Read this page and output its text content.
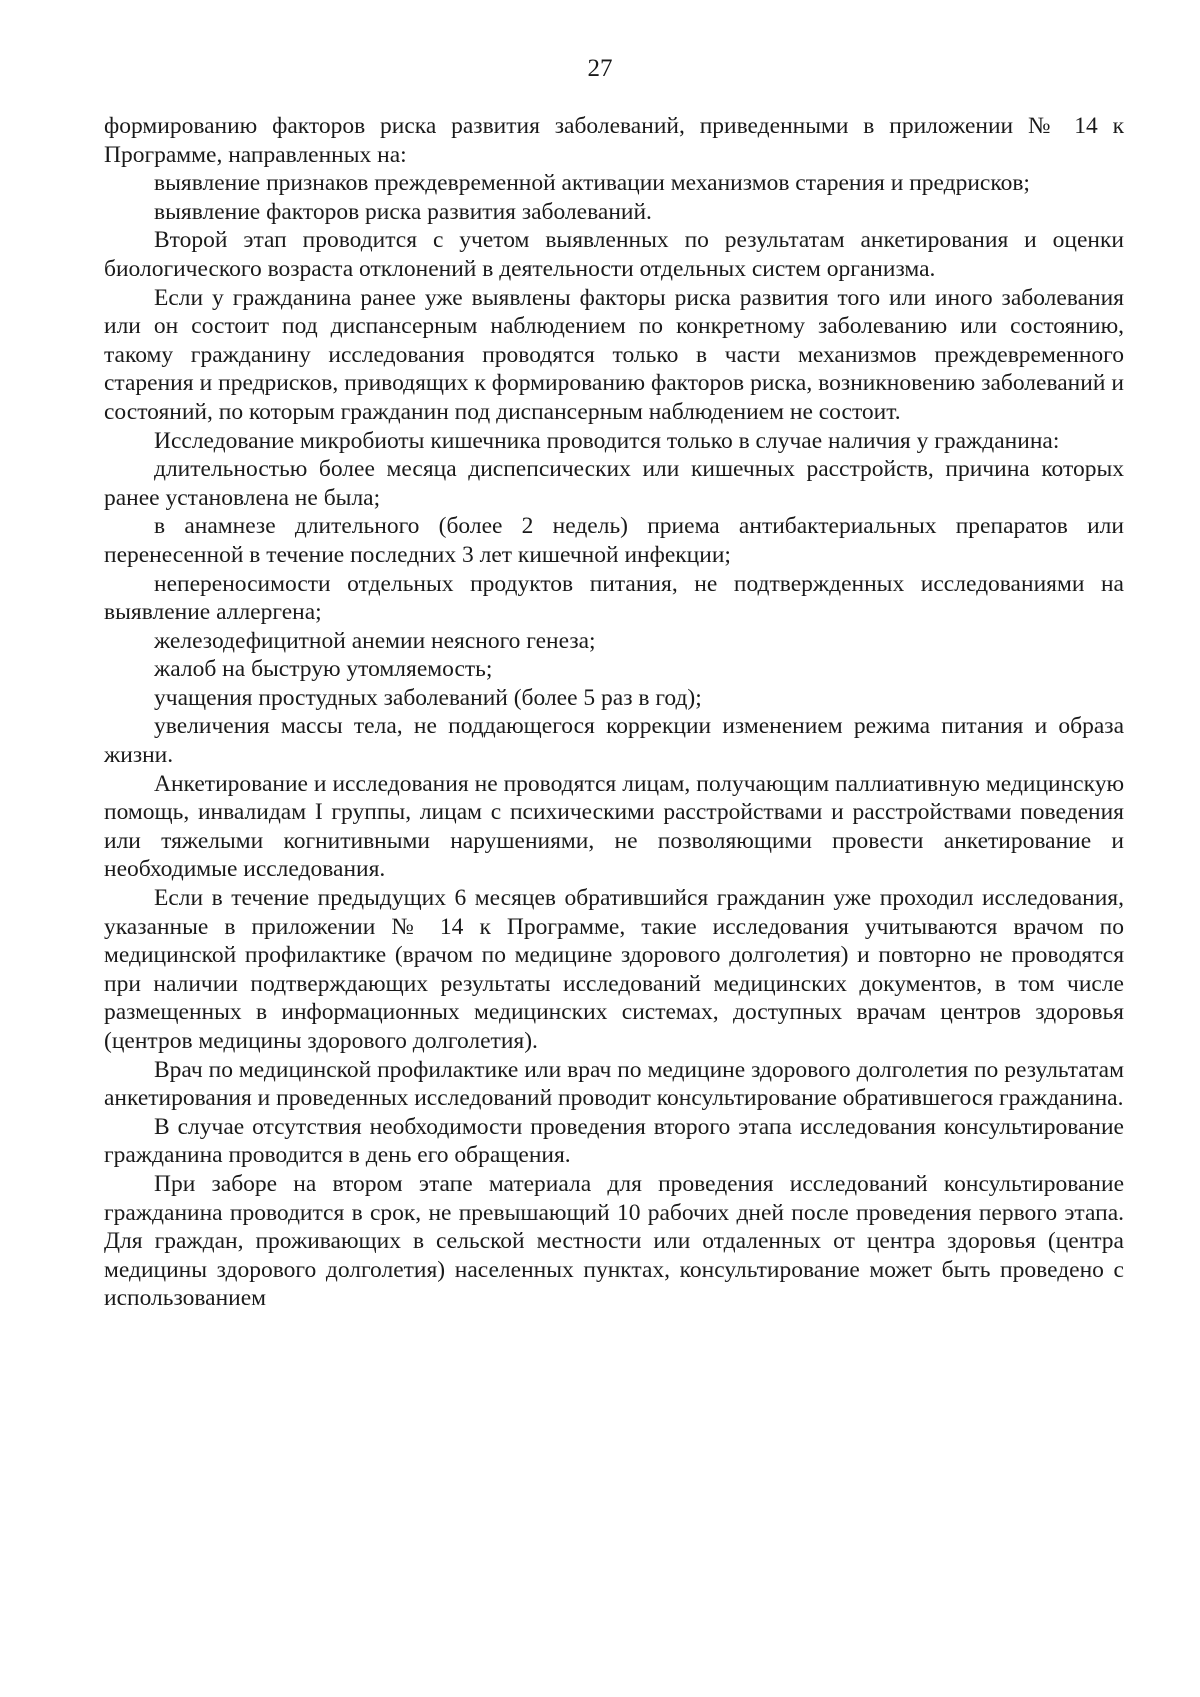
27

формированию факторов риска развития заболеваний, приведенными в приложении № 14 к Программе, направленных на:

выявление признаков преждевременной активации механизмов старения и предрисков;

выявление факторов риска развития заболеваний.

Второй этап проводится с учетом выявленных по результатам анкетирования и оценки биологического возраста отклонений в деятельности отдельных систем организма.

Если у гражданина ранее уже выявлены факторы риска развития того или иного заболевания или он состоит под диспансерным наблюдением по конкретному заболеванию или состоянию, такому гражданину исследования проводятся только в части механизмов преждевременного старения и предрисков, приводящих к формированию факторов риска, возникновению заболеваний и состояний, по которым гражданин под диспансерным наблюдением не состоит.

Исследование микробиоты кишечника проводится только в случае наличия у гражданина:

длительностью более месяца диспепсических или кишечных расстройств, причина которых ранее установлена не была;

в анамнезе длительного (более 2 недель) приема антибактериальных препаратов или перенесенной в течение последних 3 лет кишечной инфекции;

непереносимости отдельных продуктов питания, не подтвержденных исследованиями на выявление аллергена;

железодефицитной анемии неясного генеза;

жалоб на быструю утомляемость;

учащения простудных заболеваний (более 5 раз в год);

увеличения массы тела, не поддающегося коррекции изменением режима питания и образа жизни.

Анкетирование и исследования не проводятся лицам, получающим паллиативную медицинскую помощь, инвалидам I группы, лицам с психическими расстройствами и расстройствами поведения или тяжелыми когнитивными нарушениями, не позволяющими провести анкетирование и необходимые исследования.

Если в течение предыдущих 6 месяцев обратившийся гражданин уже проходил исследования, указанные в приложении № 14 к Программе, такие исследования учитываются врачом по медицинской профилактике (врачом по медицине здорового долголетия) и повторно не проводятся при наличии подтверждающих результаты исследований медицинских документов, в том числе размещенных в информационных медицинских системах, доступных врачам центров здоровья (центров медицины здорового долголетия).

Врач по медицинской профилактике или врач по медицине здорового долголетия по результатам анкетирования и проведенных исследований проводит консультирование обратившегося гражданина.

В случае отсутствия необходимости проведения второго этапа исследования консультирование гражданина проводится в день его обращения.

При заборе на втором этапе материала для проведения исследований консультирование гражданина проводится в срок, не превышающий 10 рабочих дней после проведения первого этапа. Для граждан, проживающих в сельской местности или отдаленных от центра здоровья (центра медицины здорового долголетия) населенных пунктах, консультирование может быть проведено с использованием
